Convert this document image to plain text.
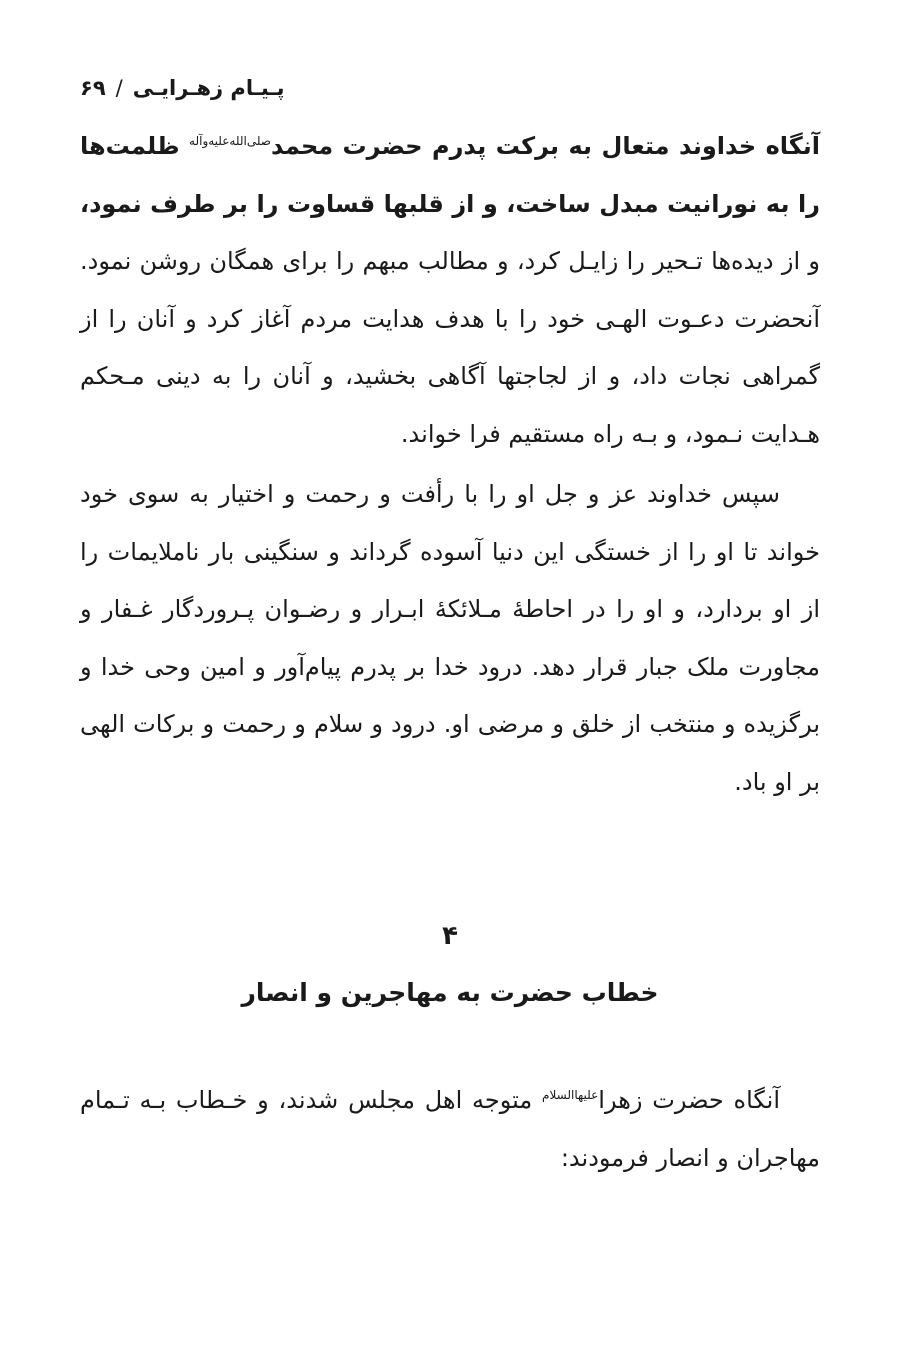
۶۹ / پـیـام زهـرایـی

آنگاه خداوند متعال به برکت پدرم حضرت محمد$^{صلی‌الله‌علیه‌وآله}$ ظلمت‌ها را به نورانیت مبدل ساخت، و از قلبها قساوت را بر طرف نمود، و از دیده‌ها تـحیر را زایـل کرد، و مطالب مبهم را برای همگان روشن نمود. آنحضرت دعـوت الهـی خود را با هدف هدایت مردم آغاز کرد و آنان را از گمراهی نجات داد، و از لجاجتها آگاهی بخشید، و آنان را به دینی مـحکم هـدایت نـمود، و بـه راه مستقیم فرا خواند.

سپس خداوند عز و جل او را با رأفت و رحمت و اختیار به سوی خود خواند تا او را از خستگی این دنیا آسوده گرداند و سنگینی بار ناملایمات را از او بردارد، و او را در احاطۀ مـلائکۀ ابـرار و رضـوان پـروردگار غـفار و مجاورت ملک جبار قرار دهد. درود خدا بر پدرم پیام‌آور و امین وحی خدا و برگزیده و منتخب از خلق و مرضی او. درود و سلام و رحمت و برکات الهی بر او باد.

۴
خطاب حضرت به مهاجرین و انصار

آنگاه حضرت زهرا$^{علیها‌السلام}$ متوجه اهل مجلس شدند، و خـطاب بـه تـمام مهاجران و انصار فرمودند:
